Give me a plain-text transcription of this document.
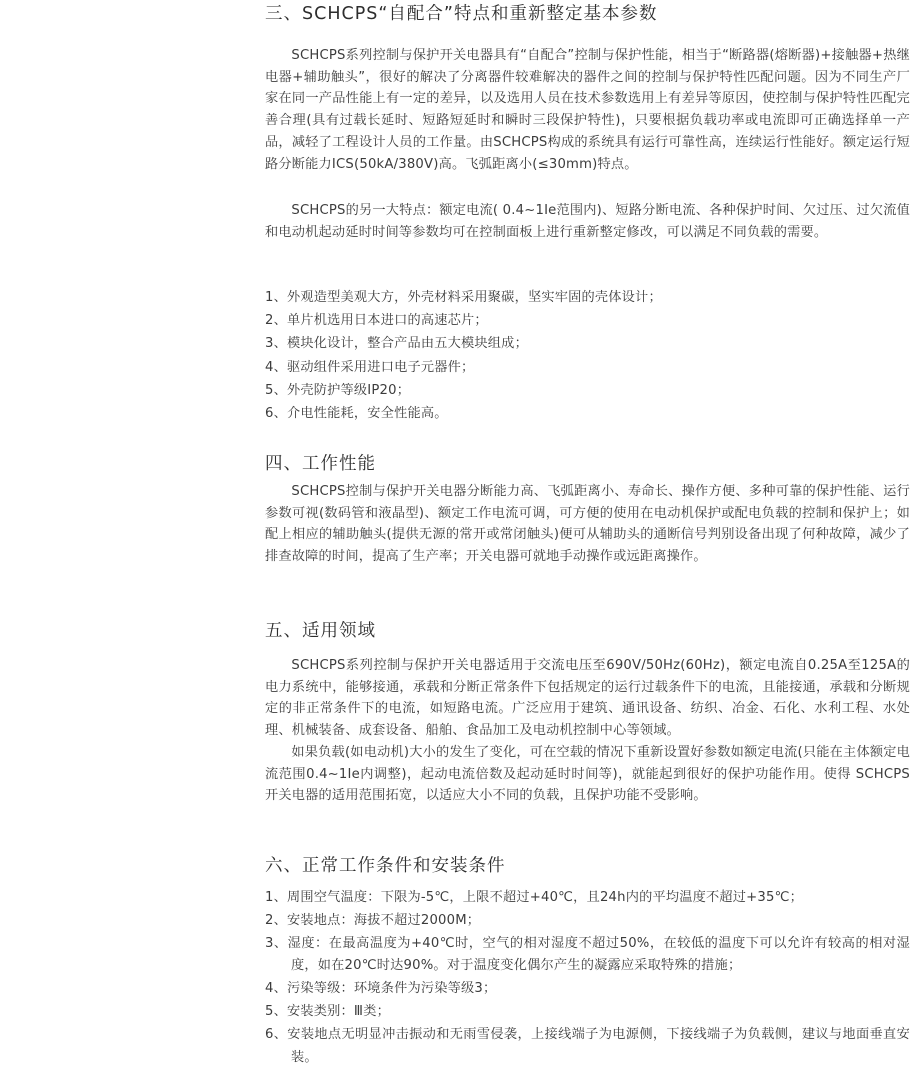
三、SCHCPS“自配合”特点和重新整定基本参数

SCHCPS系列控制与保护开关电器具有“自配合”控制与保护性能，相当于“断路器(熔断器)+接触器+热继电器+辅助触头”，很好的解决了分离器件较难解决的器件之间的控制与保护特性匹配问题。因为不同生产厂家在同一产品性能上有一定的差异，以及选用人员在技术参数选用上有差异等原因，使控制与保护特性匹配完善合理(具有过载长延时、短路短延时和瞬时三段保护特性)，只要根据负载功率或电流即可正确选择单一产品，减轻了工程设计人员的工作量。由SCHCPS构成的系统具有运行可靠性高，连续运行性能好。额定运行短路分断能力ICS(50kA/380V)高。飞弧距离小(≤30mm)特点。

SCHCPS的另一大特点：额定电流( 0.4~1Ie范围内)、短路分断电流、各种保护时间、欠过压、过欠流值和电动机起动延时时间等参数均可在控制面板上进行重新整定修改，可以满足不同负载的需要。

1、外观造型美观大方，外壳材料采用聚碳，坚实牢固的壳体设计；
2、单片机选用日本进口的高速芯片；
3、模块化设计，整合产品由五大模块组成；
4、驱动组件采用进口电子元器件；
5、外壳防护等级IP20；
6、介电性能耗，安全性能高。
四、工作性能

SCHCPS控制与保护开关电器分断能力高、飞弧距离小、寿命长、操作方便、多种可靠的保护性能、运行参数可视(数码管和液晶型)、额定工作电流可调，可方便的使用在电动机保护或配电负载的控制和保护上；如配上相应的辅助触头(提供无源的常开或常闭触头)便可从辅助头的通断信号判别设备出现了何种故障，减少了排查故障的时间，提高了生产率；开关电器可就地手动操作或远距离操作。

五、适用领域

SCHCPS系列控制与保护开关电器适用于交流电压至690V/50Hz(60Hz)，额定电流自0.25A至125A的电力系统中，能够接通，承载和分断正常条件下包括规定的运行过载条件下的电流，且能接通，承载和分断规定的非正常条件下的电流，如短路电流。广泛应用于建筑、通讯设备、纺织、冶金、石化、水利工程、水处理、机械装备、成套设备、船舶、食品加工及电动机控制中心等领域。

如果负载(如电动机)大小的发生了变化，可在空载的情况下重新设置好参数如额定电流(只能在主体额定电流范围0.4~1Ie内调整)，起动电流倍数及起动延时时间等)，就能起到很好的保护功能作用。使得 SCHCPS开关电器的适用范围拓宽，以适应大小不同的负载，且保护功能不受影响。

六、正常工作条件和安装条件
1、周围空气温度：下限为-5℃，上限不超过+40℃，且24h内的平均温度不超过+35℃；
2、安装地点：海拔不超过2000M；
3、湿度：在最高温度为+40℃时，空气的相对湿度不超过50%，在较低的温度下可以允许有较高的相对湿度，如在20℃时达90%。对于温度变化偶尔产生的凝露应采取特殊的措施；
4、污染等级：环境条件为污染等级3；
5、安装类别：Ⅲ类；
6、安装地点无明显冲击振动和无雨雪侵袭，上接线端子为电源侧，下接线端子为负载侧，建议与地面垂直安装。
